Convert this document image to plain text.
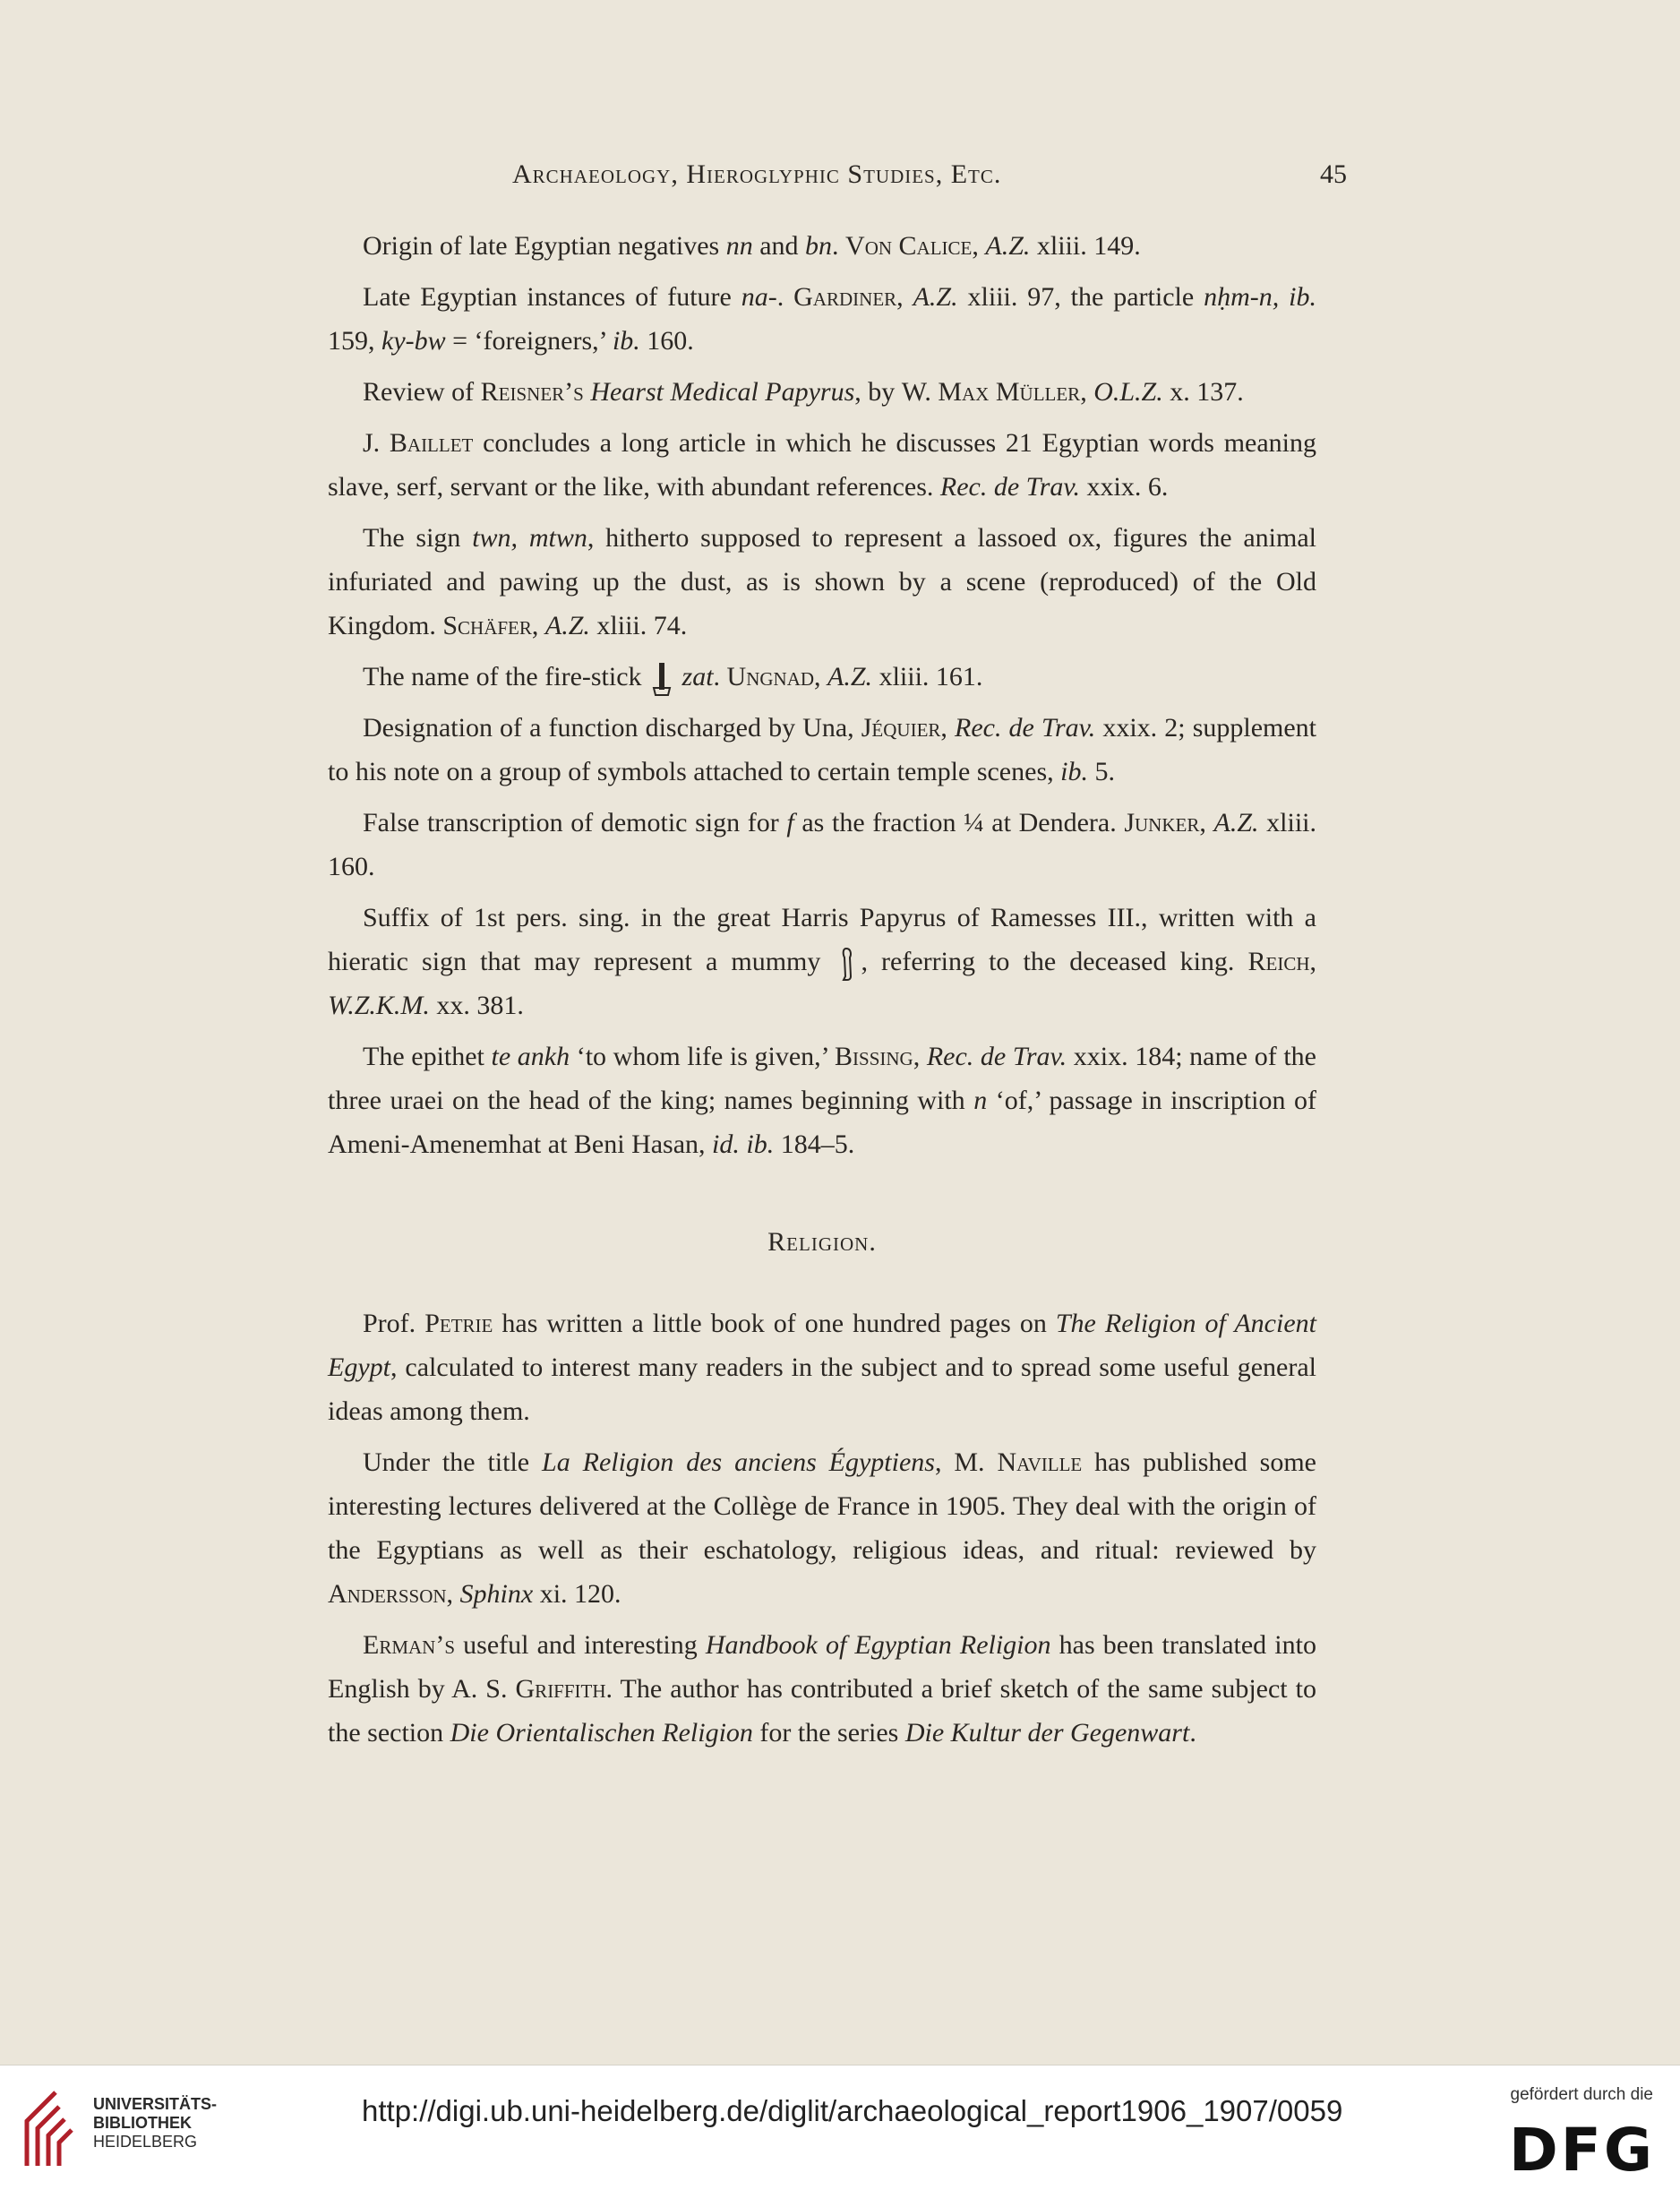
Archaeology, Hieroglyphic Studies, Etc.	45

Origin of late Egyptian negatives nn and bn. Von Calice, A.Z. xliii. 149.

Late Egyptian instances of future na-. Gardiner, A.Z. xliii. 97, the particle nḥm-n, ib. 159, ky-bw = ‘foreigners,’ ib. 160.

Review of Reisner’s Hearst Medical Papyrus, by W. Max Müller, O.L.Z. x. 137.

J. Baillet concludes a long article in which he discusses 21 Egyptian words meaning slave, serf, servant or the like, with abundant references. Rec. de Trav. xxix. 6.

The sign twn, mtwn, hitherto supposed to represent a lassoed ox, figures the animal infuriated and pawing up the dust, as is shown by a scene (reproduced) of the Old Kingdom. Schäfer, A.Z. xliii. 74.

The name of the fire-stick  zat. Ungnad, A.Z. xliii. 161.

Designation of a function discharged by Una, Jéquier, Rec. de Trav. xxix. 2; supplement to his note on a group of symbols attached to certain temple scenes, ib. 5.

False transcription of demotic sign for f as the fraction ¼ at Dendera. Junker, A.Z. xliii. 160.

Suffix of 1st pers. sing. in the great Harris Papyrus of Ramesses III., written with a hieratic sign that may represent a mummy , referring to the deceased king. Reich, W.Z.K.M. xx. 381.

The epithet te ankh ‘to whom life is given,’ Bissing, Rec. de Trav. xxix. 184; name of the three uraei on the head of the king; names beginning with n ‘of,’ passage in inscription of Ameni-Amenemhat at Beni Hasan, id. ib. 184–5.

Religion.

Prof. Petrie has written a little book of one hundred pages on The Religion of Ancient Egypt, calculated to interest many readers in the subject and to spread some useful general ideas among them.

Under the title La Religion des anciens Égyptiens, M. Naville has published some interesting lectures delivered at the Collège de France in 1905. They deal with the origin of the Egyptians as well as their eschatology, religious ideas, and ritual: reviewed by Andersson, Sphinx xi. 120.

Erman’s useful and interesting Handbook of Egyptian Religion has been translated into English by A. S. Griffith. The author has contributed a brief sketch of the same subject to the section Die Orientalischen Religion for the series Die Kultur der Gegenwart.

UNIVERSITÄTS-
BIBLIOTHEK
HEIDELBERG
http://digi.ub.uni-heidelberg.de/diglit/archaeological_report1906_1907/0059	gefördert durch die
DFG
